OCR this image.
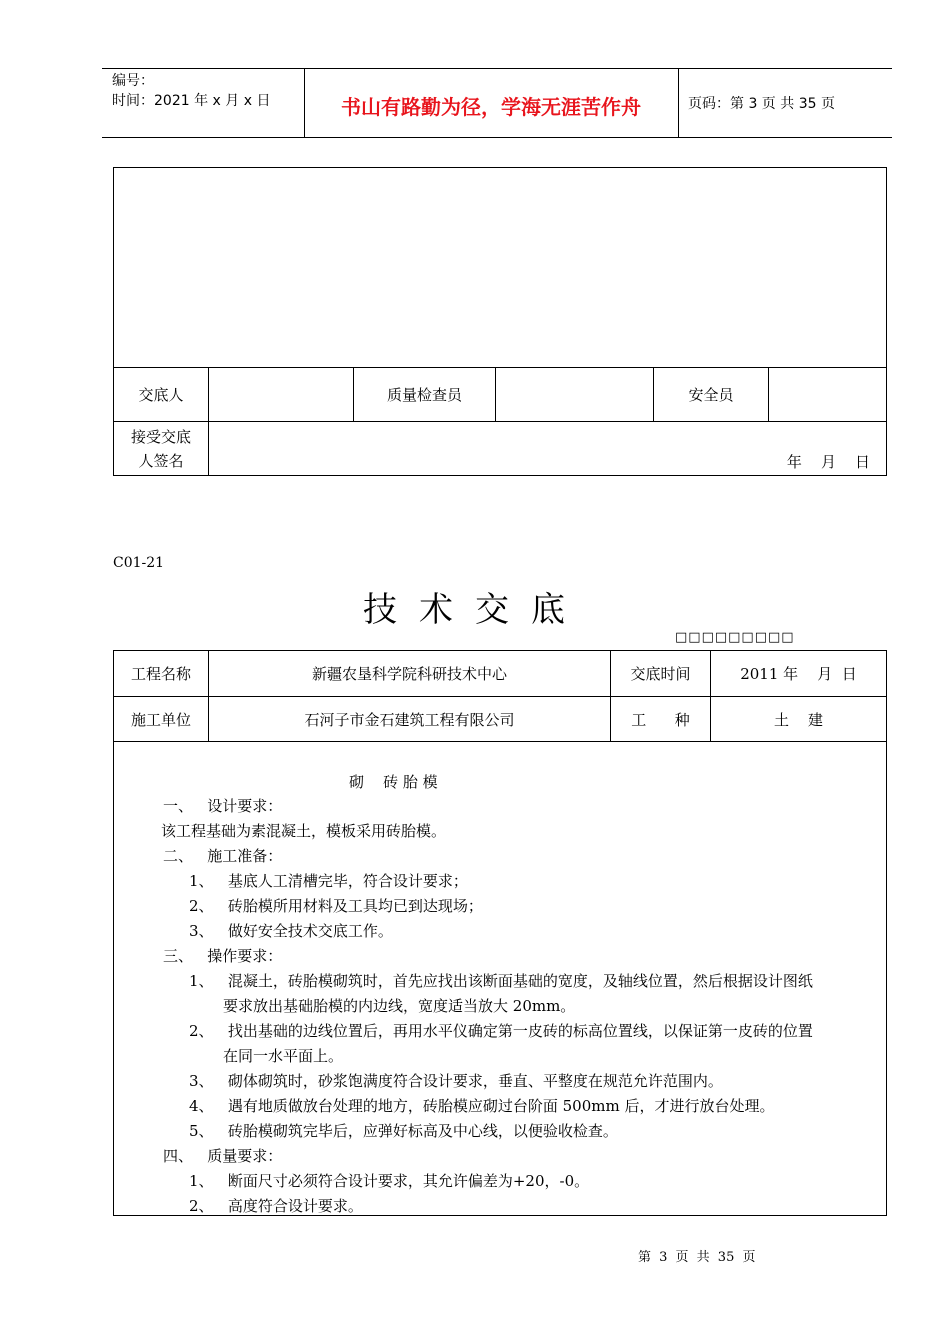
编号：
时间：2021 年 x 月 x 日	书山有路勤为径，学海无涯苦作舟	页码：第 3 页 共 35 页

交底人		质量检查员		安全员	

接受交底
人签名	年    月    日				
C01-21
技术交底
□□□□□□□□□
工程名称	新疆农垦科学院科研技术中心	交底时间	2011 年    月  日
施工单位	石河子市金石建筑工程有限公司	工      种	土    建

砌    砖 胎 模
一、   设计要求：
该工程基础为素混凝土，模板采用砖胎模。
二、   施工准备：
1、   基底人工清槽完毕，符合设计要求；
2、   砖胎模所用材料及工具均已到达现场；
3、   做好安全技术交底工作。
三、   操作要求：
1、   混凝土，砖胎模砌筑时，首先应找出该断面基础的宽度，及轴线位置，然后根据设计图纸
要求放出基础胎模的内边线，宽度适当放大 20mm。
2、   找出基础的边线位置后，再用水平仪确定第一皮砖的标高位置线，以保证第一皮砖的位置
在同一水平面上。
3、   砌体砌筑时，砂浆饱满度符合设计要求，垂直、平整度在规范允许范围内。
4、   遇有地质做放台处理的地方，砖胎模应砌过台阶面 500mm 后，才进行放台处理。
5、   砖胎模砌筑完毕后，应弹好标高及中心线，以便验收检查。
四、   质量要求：
1、   断面尺寸必须符合设计要求，其允许偏差为+20，-0。
2、   高度符合设计要求。
第 3 页 共 35 页
